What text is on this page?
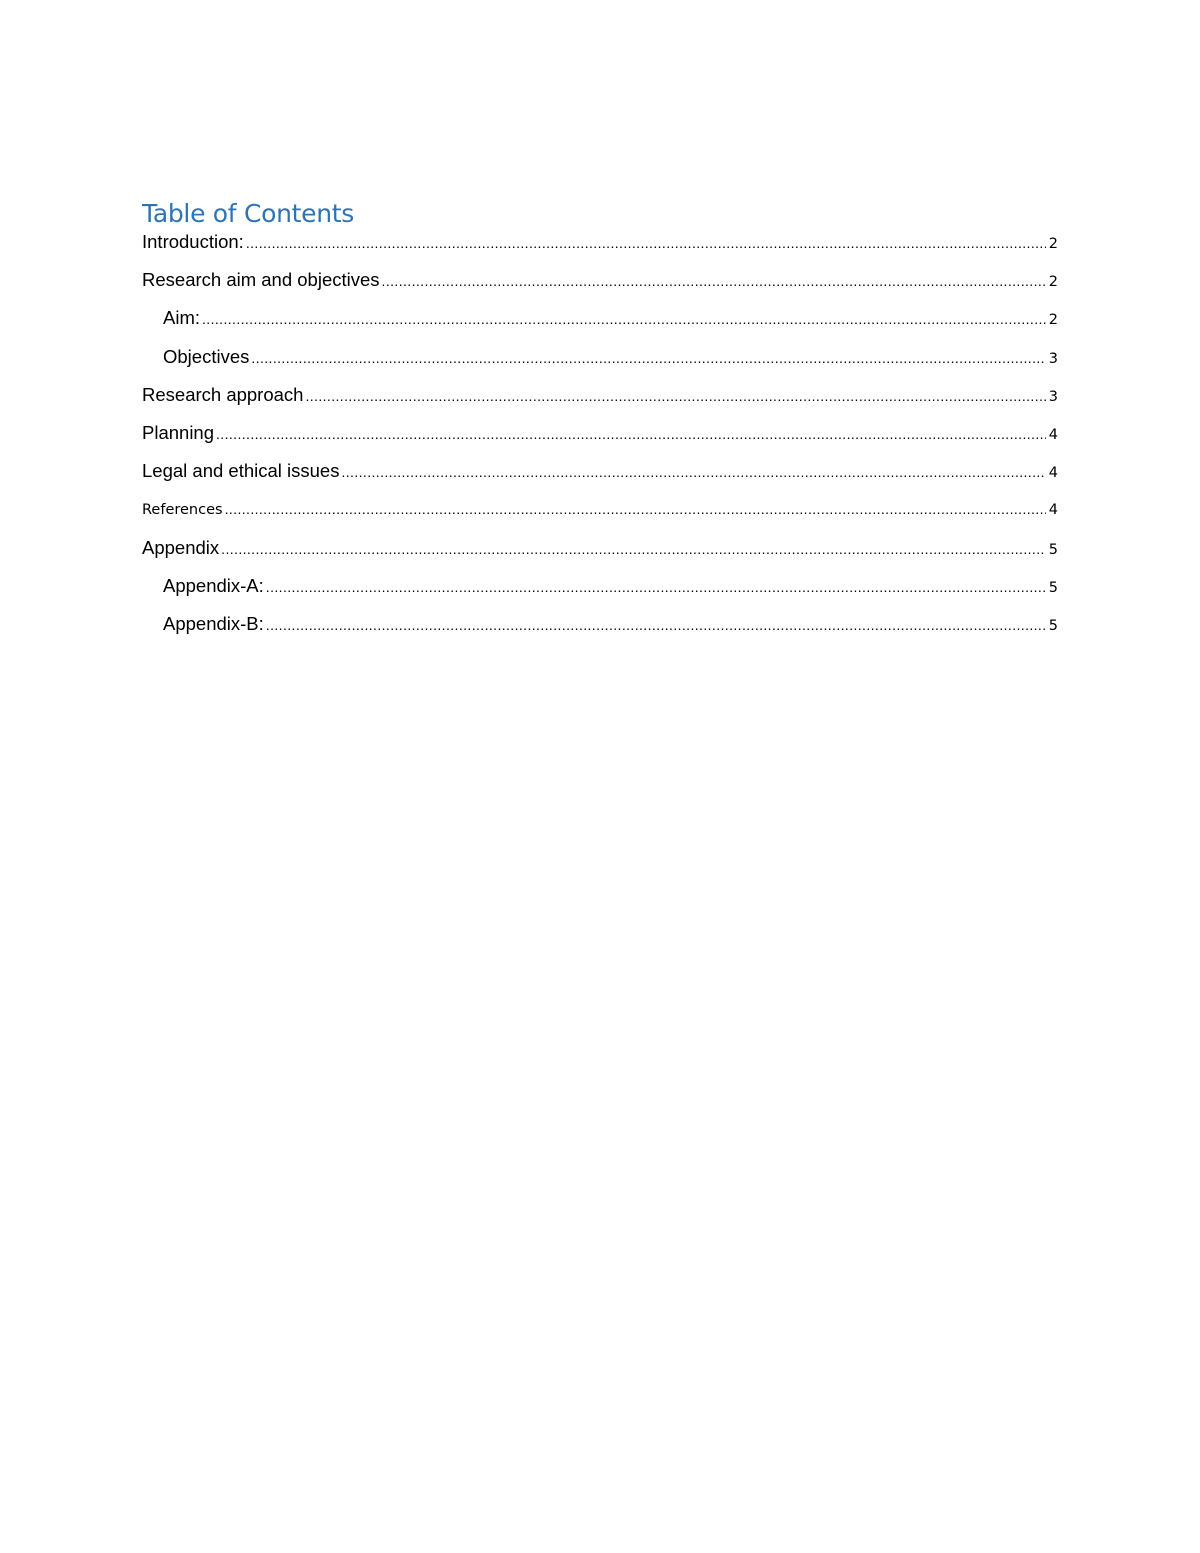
Table of Contents
Introduction: .....	2
Research aim and objectives .....	2
Aim: .....	2
Objectives .....	3
Research approach .....	3
Planning .....	4
Legal and ethical issues .....	4
References .....	4
Appendix .....	5
Appendix-A: .....	5
Appendix-B: .....	5
